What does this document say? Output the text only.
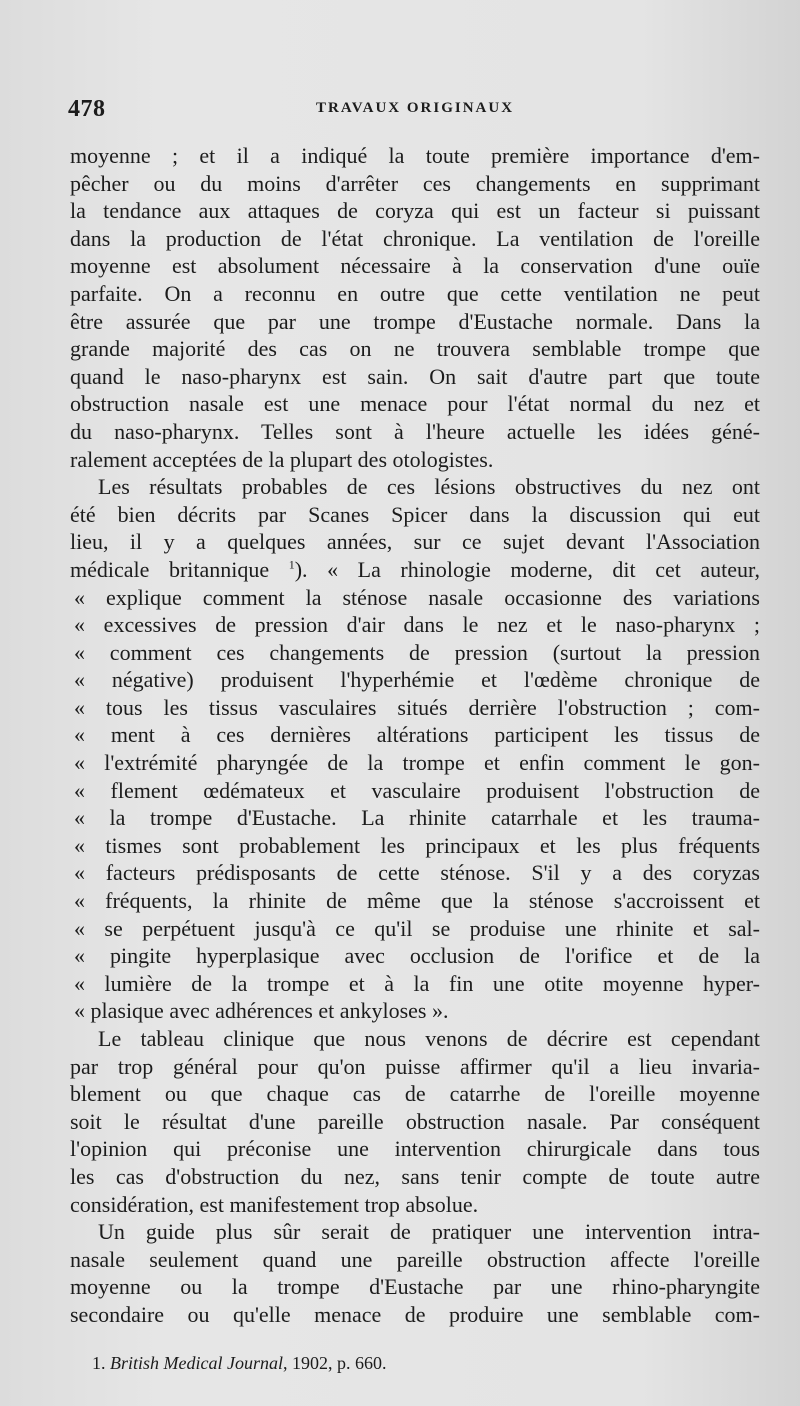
478	TRAVAUX ORIGINAUX
moyenne ; et il a indiqué la toute première importance d'em-
pêcher ou du moins d'arrêter ces changements en supprimant
la tendance aux attaques de coryza qui est un facteur si puissant
dans la production de l'état chronique. La ventilation de l'oreille
moyenne est absolument nécessaire à la conservation d'une ouïe
parfaite. On a reconnu en outre que cette ventilation ne peut
être assurée que par une trompe d'Eustache normale. Dans la
grande majorité des cas on ne trouvera semblable trompe que
quand le naso-pharynx est sain. On sait d'autre part que toute
obstruction nasale est une menace pour l'état normal du nez et
du naso-pharynx. Telles sont à l'heure actuelle les idées géné-
ralement acceptées de la plupart des otologistes.
Les résultats probables de ces lésions obstructives du nez ont
été bien décrits par Scanes Spicer dans la discussion qui eut
lieu, il y a quelques années, sur ce sujet devant l'Association
médicale britannique $^1$). « La rhinologie moderne, dit cet auteur,
« explique comment la sténose nasale occasionne des variations
« excessives de pression d'air dans le nez et le naso-pharynx ;
« comment ces changements de pression (surtout la pression
« négative) produisent l'hyperhémie et l'œdème chronique de
« tous les tissus vasculaires situés derrière l'obstruction ; com-
« ment à ces dernières altérations participent les tissus de
« l'extrémité pharyngée de la trompe et enfin comment le gon-
« flement œdémateux et vasculaire produisent l'obstruction de
« la trompe d'Eustache. La rhinite catarrhale et les trauma-
« tismes sont probablement les principaux et les plus fréquents
« facteurs prédisposants de cette sténose. S'il y a des coryzas
« fréquents, la rhinite de même que la sténose s'accroissent et
« se perpétuent jusqu'à ce qu'il se produise une rhinite et sal-
« pingite hyperplasique avec occlusion de l'orifice et de la
« lumière de la trompe et à la fin une otite moyenne hyper-
« plasique avec adhérences et ankyloses ».
Le tableau clinique que nous venons de décrire est cependant
par trop général pour qu'on puisse affirmer qu'il a lieu invaria-
blement ou que chaque cas de catarrhe de l'oreille moyenne
soit le résultat d'une pareille obstruction nasale. Par conséquent
l'opinion qui préconise une intervention chirurgicale dans tous
les cas d'obstruction du nez, sans tenir compte de toute autre
considération, est manifestement trop absolue.
Un guide plus sûr serait de pratiquer une intervention intra-
nasale seulement quand une pareille obstruction affecte l'oreille
moyenne ou la trompe d'Eustache par une rhino-pharyngite
secondaire ou qu'elle menace de produire une semblable com-
1. British Medical Journal, 1902, p. 660.
